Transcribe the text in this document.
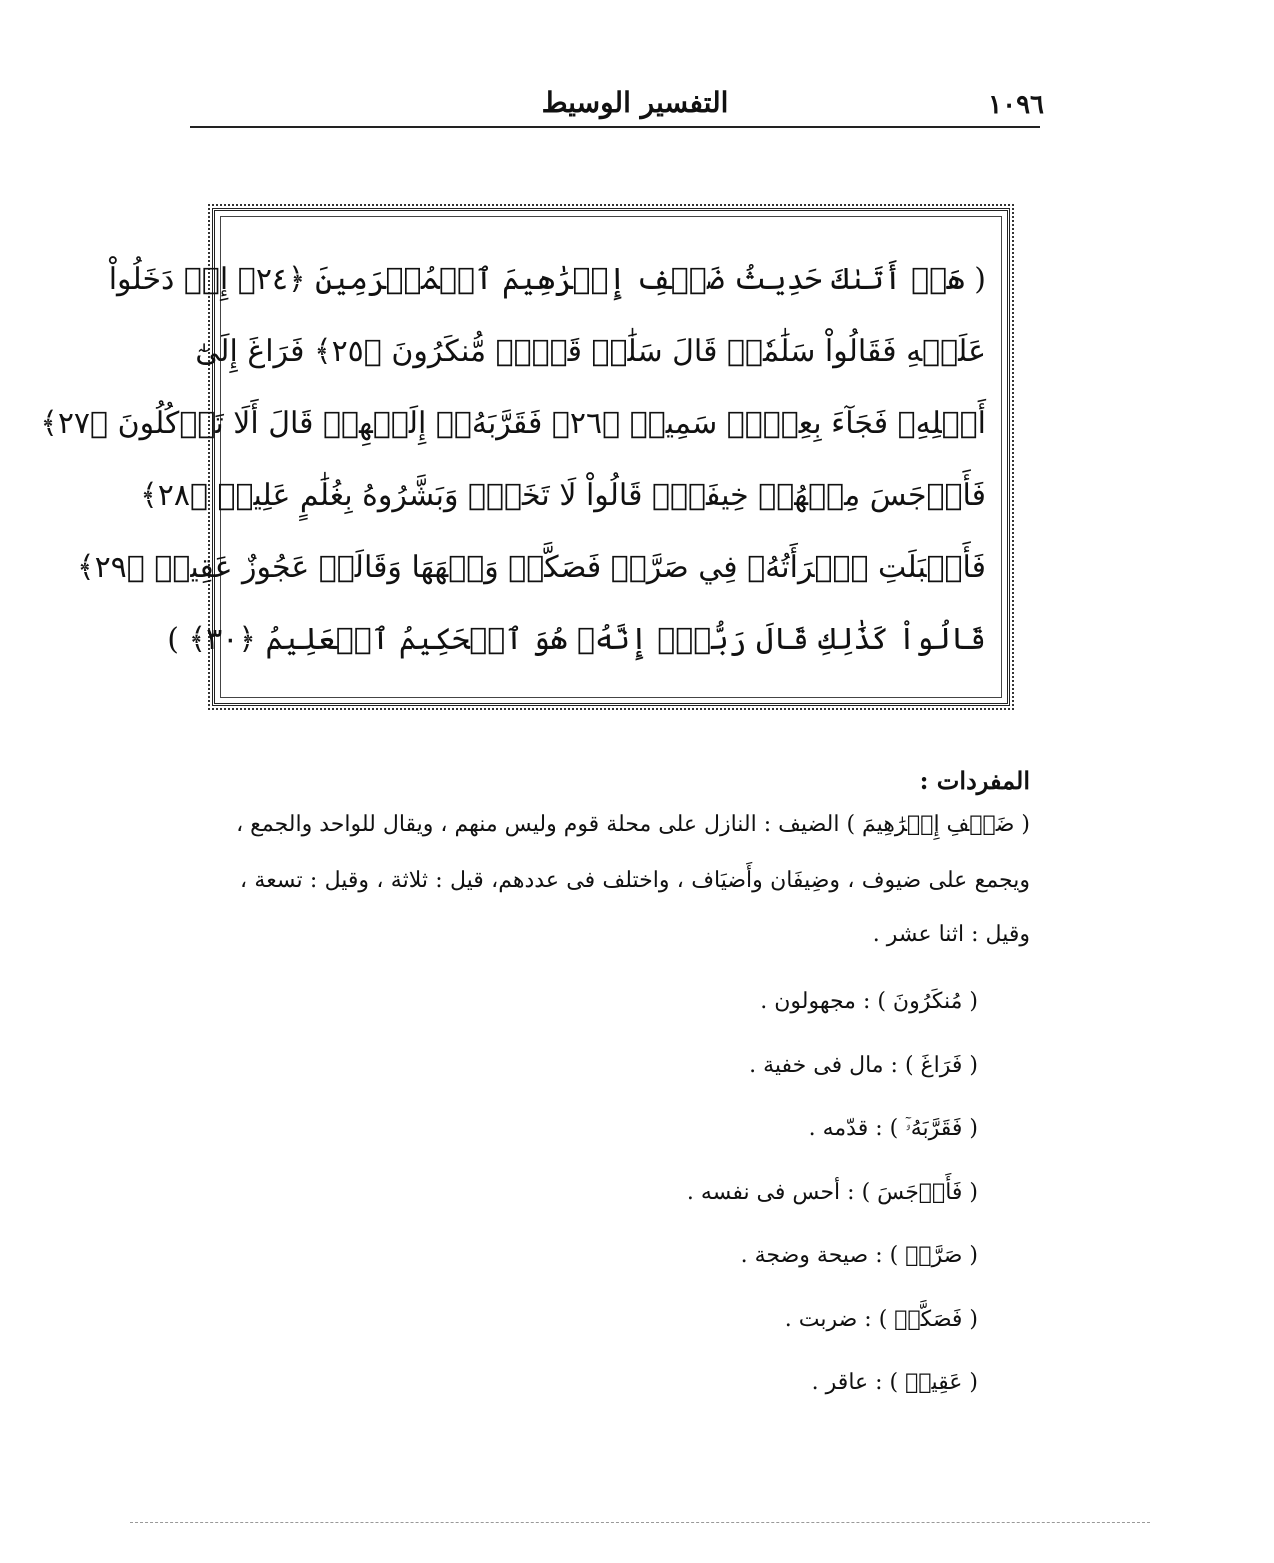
١٠٩٦
التفسير الوسيط
( هَلۡ أَتَىٰكَ حَدِيثُ ضَيۡفِ إِبۡرَٰهِيمَ ٱلۡمُكۡرَمِينَ ﴿٢٤﴾ إِذۡ دَخَلُواْ
عَلَيۡهِ فَقَالُواْ سَلَٰمٗاۖ قَالَ سَلَٰمٞ قَوۡمٞ مُّنكَرُونَ ﴿٢٥﴾ فَرَاغَ إِلَىٰٓ
أَهۡلِهِۦ فَجَآءَ بِعِجۡلٖ سَمِينٖ ﴿٢٦﴾ فَقَرَّبَهُۥٓ إِلَيۡهِمۡ قَالَ أَلَا تَأۡكُلُونَ ﴿٢٧﴾
فَأَوۡجَسَ مِنۡهُمۡ خِيفَةٗۖ قَالُواْ لَا تَخَفۡۖ وَبَشَّرُوهُ بِغُلَٰمٍ عَلِيمٖ ﴿٢٨﴾
فَأَقۡبَلَتِ ٱمۡرَأَتُهُۥ فِي صَرَّةٖ فَصَكَّتۡ وَجۡهَهَا وَقَالَتۡ عَجُوزٌ عَقِيمٞ ﴿٢٩﴾
قَالُواْ كَذَٰلِكِ قَالَ رَبُّكِۖ إِنَّهُۥ هُوَ ٱلۡحَكِيمُ ٱلۡعَلِيمُ ﴿٣٠﴾ )
المفردات :
( ضَيۡفِ إِبۡرَٰهِيمَ ) الضيف : النازل على محلة قوم وليس منهم ، ويقال للواحد والجمع ،
ويجمع على ضيوف ، وضِيفَان وأَضيَاف ، واختلف فى عددهم، قيل : ثلاثة ، وقيل : تسعة ،
وقيل : اثنا عشر .
( مُنكَرُونَ ) : مجهولون .
( فَرَاغَ ) : مال فى خفية .
( فَقَرَّبَهُۥٓ ) : قدّمه .
( فَأَوۡجَسَ ) : أحس فى نفسه .
( صَرَّةٖ ) : صيحة وضجة .
( فَصَكَّتۡ ) : ضربت .
( عَقِيمٞ ) : عاقر .
